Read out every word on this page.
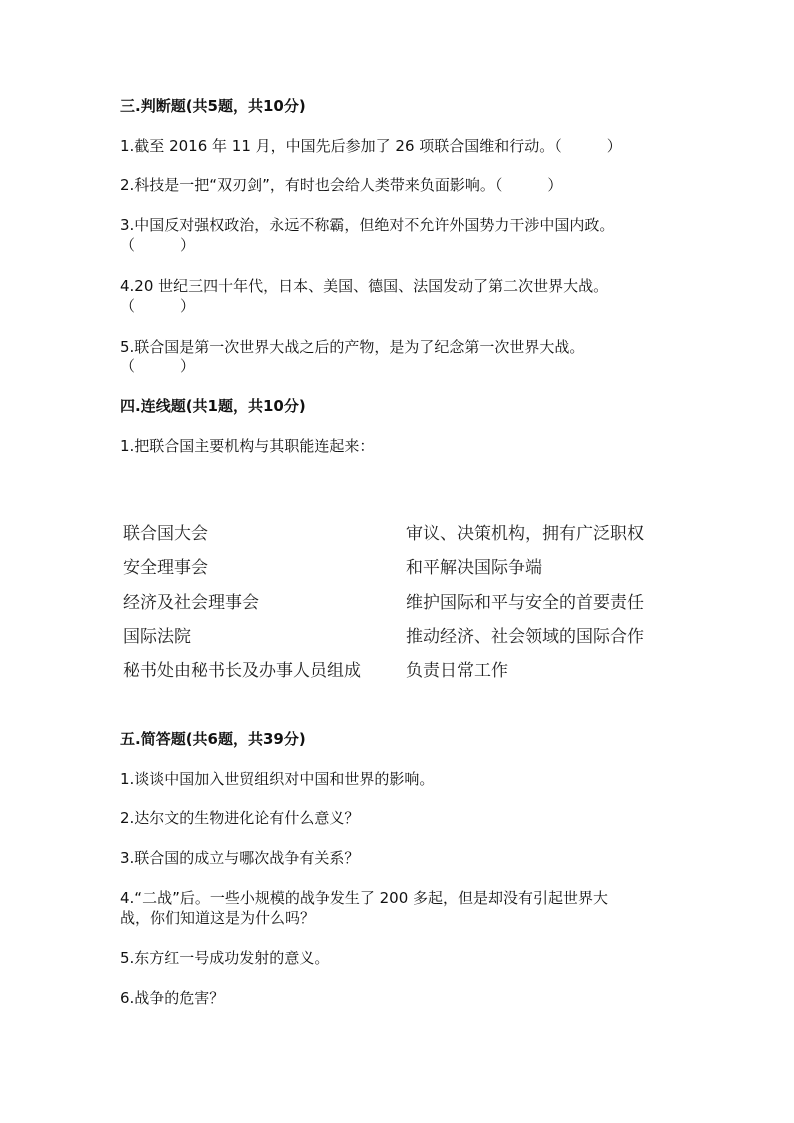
三.判断题(共5题，共10分)
1.截至 2016 年 11 月，中国先后参加了 26 项联合国维和行动。（　　　）
2.科技是一把“双刃剑”，有时也会给人类带来负面影响。（　　　）
3.中国反对强权政治，永远不称霸，但绝对不允许外国势力干涉中国内政。
（　　　）
4.20 世纪三四十年代，日本、美国、德国、法国发动了第二次世界大战。
（　　　）
5.联合国是第一次世界大战之后的产物，是为了纪念第一次世界大战。
（　　　）
四.连线题(共1题，共10分)
1.把联合国主要机构与其职能连起来：
联合国大会
安全理事会
经济及社会理事会
国际法院
秘书处由秘书长及办事人员组成
审议、决策机构，拥有广泛职权
和平解决国际争端
维护国际和平与安全的首要责任
推动经济、社会领域的国际合作
负责日常工作
五.简答题(共6题，共39分)
1.谈谈中国加入世贸组织对中国和世界的影响。
2.达尔文的生物进化论有什么意义？
3.联合国的成立与哪次战争有关系？
4.“二战”后。一些小规模的战争发生了 200 多起，但是却没有引起世界大
战，你们知道这是为什么吗？
5.东方红一号成功发射的意义。
6.战争的危害？
